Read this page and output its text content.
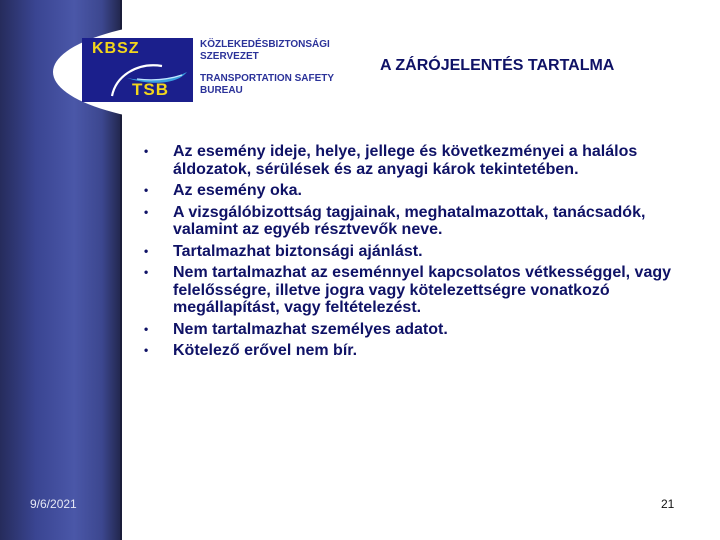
KBSZ
TSB
KÖZLEKEDÉSBIZTONSÁGI
SZERVEZET
TRANSPORTATION SAFETY
BUREAU
A ZÁRÓJELENTÉS TARTALMA
•	Az esemény ideje, helye, jellege és következményei a halálos áldozatok, sérülések és az anyagi károk tekintetében.
•	Az esemény oka.
•	A vizsgálóbizottság tagjainak, meghatalmazottak, tanácsadók, valamint az egyéb résztvevők neve.
•	Tartalmazhat biztonsági ajánlást.
•	Nem tartalmazhat az eseménnyel kapcsolatos vétkességgel, vagy felelősségre, illetve jogra vagy kötelezettségre vonatkozó megállapítást, vagy feltételezést.
•	Nem tartalmazhat személyes adatot.
•	Kötelező erővel nem bír.
9/6/2021	21
